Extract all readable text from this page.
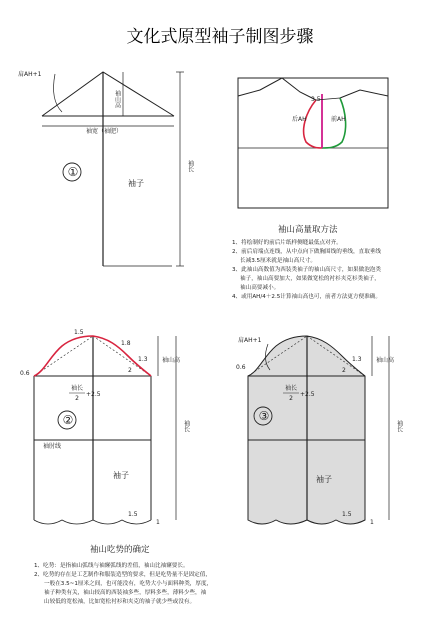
文化式原型袖子制图步骤
①
肩AH+1
袖山高
袖宽（袖肥）
袖子
袖长
3.5
后AH	前AH
袖山高量取方法
1、将绘制好的前后片纸样侧缝最低点对齐。
2、前后肩端点连线，从中点向下做胸围线的垂线，直取垂线
长减3.5厘米就是袖山高尺寸。
3、此袖山高数值为西装类袖子的袖山高尺寸，如果做泡泡类
袖子，袖山高要加大，如果做宽松的衬衫夹克衫类袖子，
袖山高要减小。
4、或用AH/4＋2.5计算袖山高也可，前者方法更方便准确。
②
1.5
1.8
1.3
2
0.6
袖山高
袖长
2
+2.5
袖肘线
袖子
袖长
1.5
1
③
肩AH+1
1.3
2
0.6
袖山高
袖长
2
+2.5
袖子
袖长
1.5
1
袖山吃势的确定
1、吃势：是指袖山弧线与袖窿弧线的差值，袖山比袖窿要长。
2、吃势的存在是工艺制作和服装造型的要求，但是吃势量不是固定值，
一般在3.5~1厘米之间，也可能没有，吃势大小与面料种类，厚度，
袖子种类有关，袖山较高的西装袖多些，厚料多些，薄料少些，袖
山较低的宽松袖，比如宽松衬衫和夹克的袖子就少些或没有。
